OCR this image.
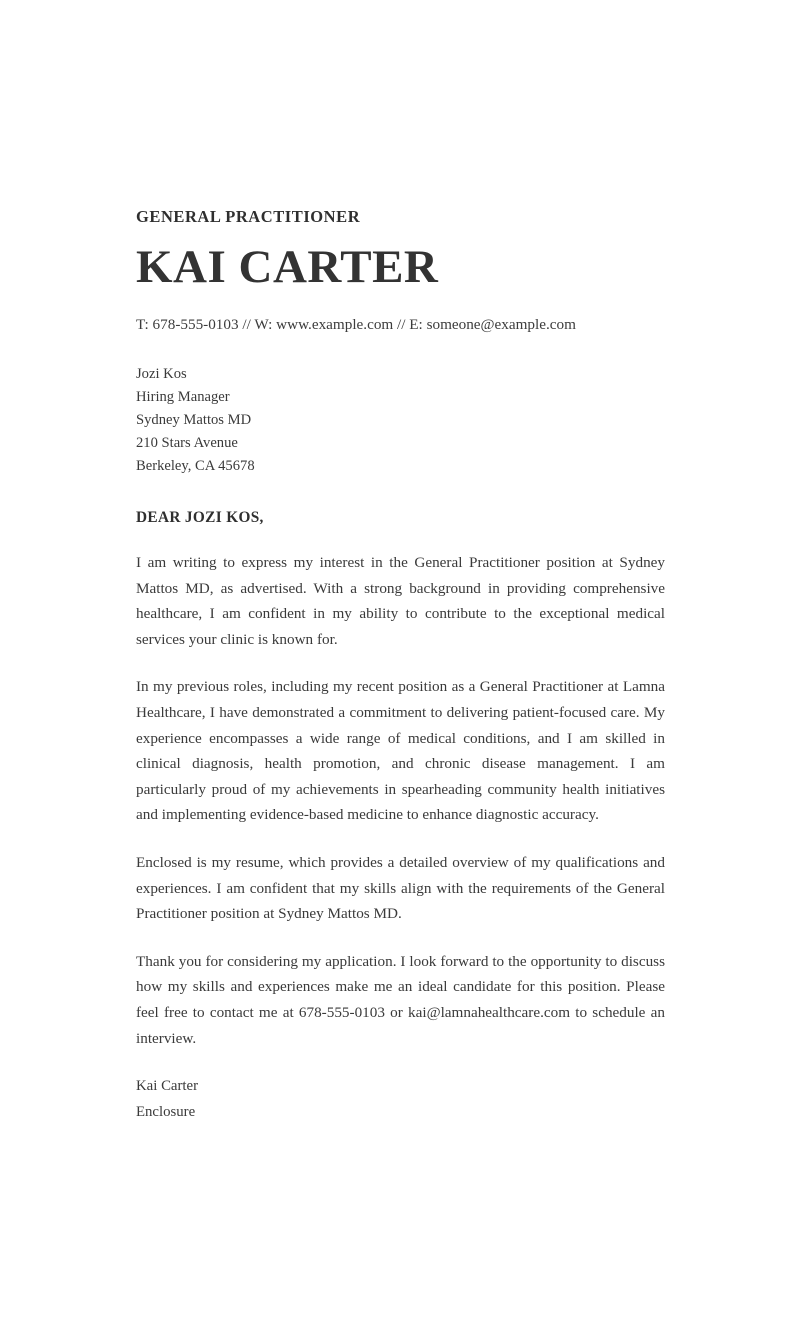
GENERAL PRACTITIONER
KAI CARTER
T: 678-555-0103 // W: www.example.com // E: someone@example.com
Jozi Kos
Hiring Manager
Sydney Mattos MD
210 Stars Avenue
Berkeley, CA 45678
DEAR JOZI KOS,

I am writing to express my interest in the General Practitioner position at Sydney Mattos MD, as advertised. With a strong background in providing comprehensive healthcare, I am confident in my ability to contribute to the exceptional medical services your clinic is known for.

In my previous roles, including my recent position as a General Practitioner at Lamna Healthcare, I have demonstrated a commitment to delivering patient-focused care. My experience encompasses a wide range of medical conditions, and I am skilled in clinical diagnosis, health promotion, and chronic disease management. I am particularly proud of my achievements in spearheading community health initiatives and implementing evidence-based medicine to enhance diagnostic accuracy.

Enclosed is my resume, which provides a detailed overview of my qualifications and experiences. I am confident that my skills align with the requirements of the General Practitioner position at Sydney Mattos MD.

Thank you for considering my application. I look forward to the opportunity to discuss how my skills and experiences make me an ideal candidate for this position. Please feel free to contact me at 678-555-0103 or kai@lamnahealthcare.com to schedule an interview.

Kai Carter
Enclosure
